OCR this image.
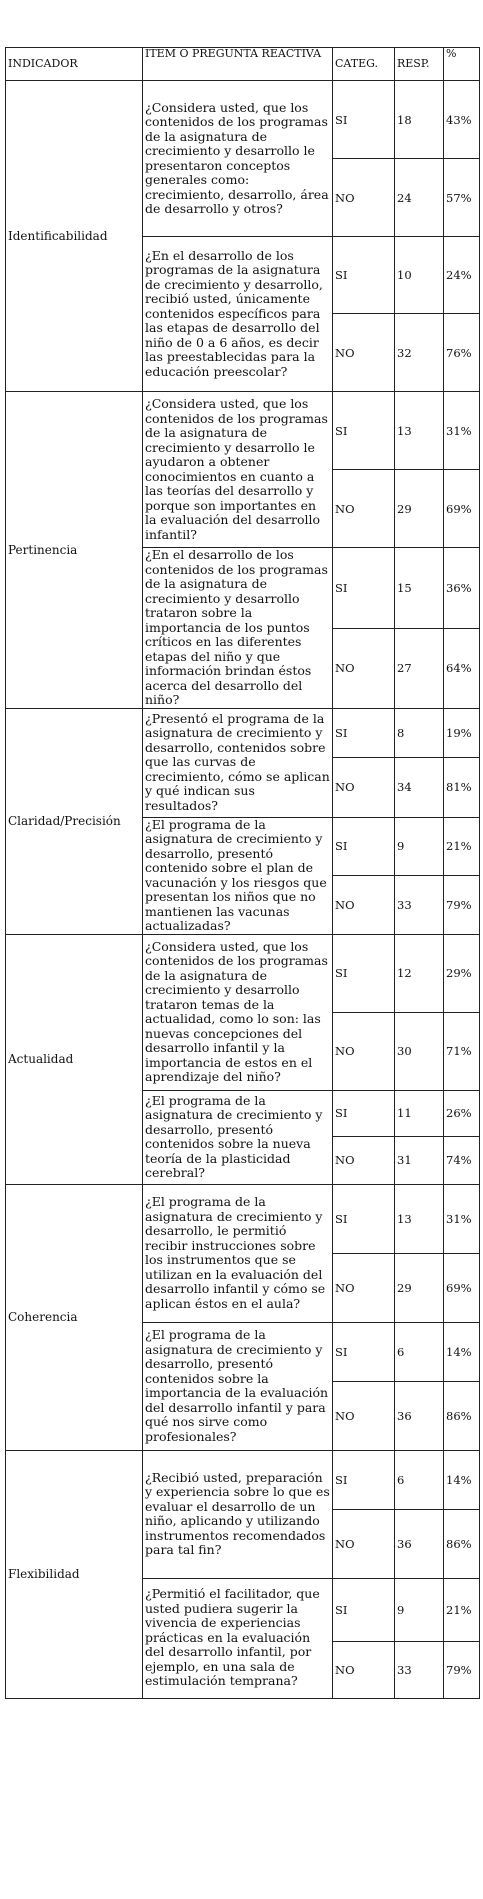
INDICADOR	ITEM O PREGUNTA REACTIVA	CATEG.	RESP.	%
Identificabilidad	¿Considera usted, que los contenidos de los programas de la asignatura de crecimiento y desarrollo le presentaron conceptos generales como: crecimiento, desarrollo, área de desarrollo y otros?	SI	18	43%
		NO	24	57%
	¿En el desarrollo de los programas de la asignatura de crecimiento y desarrollo, recibió usted, únicamente contenidos específicos para las etapas de desarrollo del niño de 0 a 6 años, es decir las preestablecidas para la educación preescolar?	SI	10	24%
		NO	32	76%
Pertinencia	¿Considera usted, que los contenidos de los programas de la asignatura de crecimiento y desarrollo le ayudaron a obtener conocimientos en cuanto a las teorías del desarrollo y porque son importantes en la evaluación del desarrollo infantil?	SI	13	31%
		NO	29	69%
	¿En el desarrollo de los contenidos de los programas de la asignatura de crecimiento y desarrollo trataron sobre la importancia de los puntos críticos en las diferentes etapas del niño y que información brindan éstos acerca del desarrollo del niño?	SI	15	36%
		NO	27	64%
Claridad/Precisión	¿Presentó el programa de la asignatura de crecimiento y desarrollo, contenidos sobre que las curvas de crecimiento, cómo se aplican y qué indican sus resultados?	SI	8	19%
		NO	34	81%
	¿El programa de la asignatura de crecimiento y desarrollo, presentó contenido sobre el plan de vacunación y los riesgos que presentan los niños que no mantienen las vacunas actualizadas?	SI	9	21%
		NO	33	79%
Actualidad	¿Considera usted, que los contenidos de los programas de la asignatura de crecimiento y desarrollo trataron temas de la actualidad, como lo son: las nuevas concepciones del desarrollo infantil y la importancia de estos en el aprendizaje del niño?	SI	12	29%
		NO	30	71%
	¿El programa de la asignatura de crecimiento y desarrollo, presentó contenidos sobre la nueva teoría de la plasticidad cerebral?	SI	11	26%
		NO	31	74%
Coherencia	¿El programa de la asignatura de crecimiento y desarrollo, le permitió recibir instrucciones sobre los instrumentos que se utilizan en la evaluación del desarrollo infantil y cómo se aplican éstos en el aula?	SI	13	31%
		NO	29	69%
	¿El programa de la asignatura de crecimiento y desarrollo, presentó contenidos sobre la importancia de la evaluación del desarrollo infantil y para qué nos sirve como profesionales?	SI	6	14%
		NO	36	86%
Flexibilidad	¿Recibió usted, preparación y experiencia sobre lo que es evaluar el desarrollo de un niño, aplicando y utilizando instrumentos recomendados para tal fin?	SI	6	14%
		NO	36	86%
	¿Permitió el facilitador, que usted pudiera sugerir la vivencia de experiencias prácticas en la evaluación del desarrollo infantil, por ejemplo, en una sala de estimulación temprana?	SI	9	21%
		NO	33	79%
